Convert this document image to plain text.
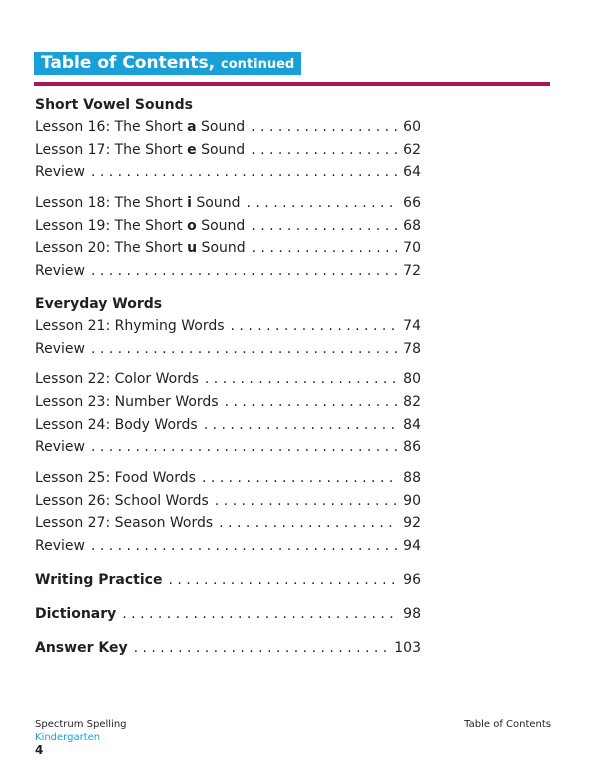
Table of Contents, continued
Short Vowel Sounds
Lesson 16: The Short a Sound . . .	60
Lesson 17: The Short e Sound . . .	62
Review . . .	64
Lesson 18: The Short i Sound . . .	66
Lesson 19: The Short o Sound . . .	68
Lesson 20: The Short u Sound . . .	70
Review . . .	72
Everyday Words
Lesson 21: Rhyming Words . . .	74
Review . . .	78
Lesson 22: Color Words . . .	80
Lesson 23: Number Words . . .	82
Lesson 24: Body Words . . .	84
Review . . .	86
Lesson 25: Food Words . . .	88
Lesson 26: School Words . . .	90
Lesson 27: Season Words . . .	92
Review . . .	94
Writing Practice . . .	96
Dictionary . . .	98
Answer Key . . .	103
Spectrum Spelling
Kindergarten
4
Table of Contents
